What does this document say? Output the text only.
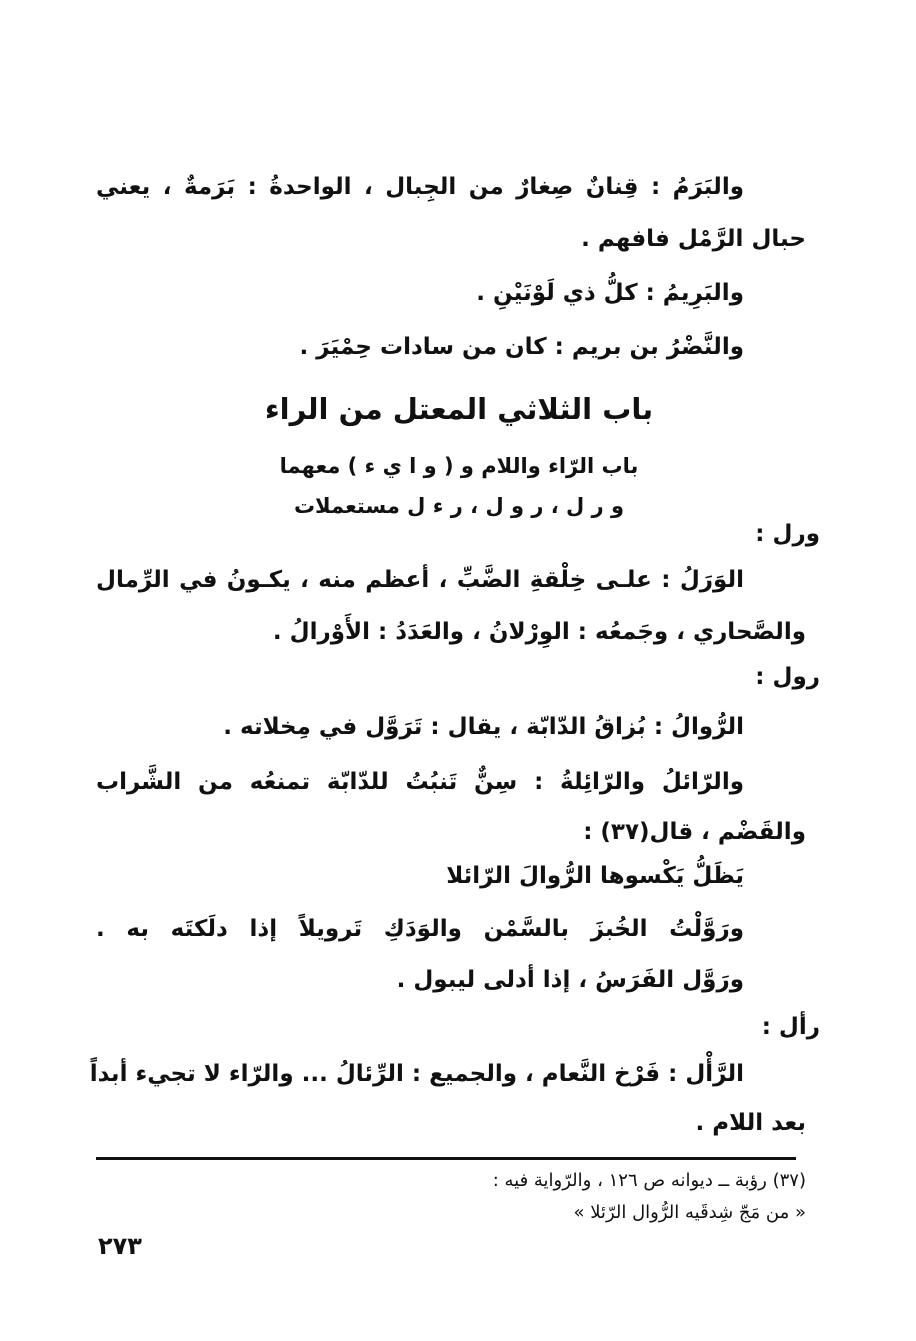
والبَرَمُ : قِنانٌ صِغارٌ من الجِبال ، الواحدةُ : بَرَمةٌ ، يعني
حبال الرَّمْل فافهم .
والبَرِيمُ : كلُّ ذي لَوْنَيْنِ .
والنَّضْرُ بن بريم : كان من سادات حِمْيَرَ .
باب الثلاثي المعتل من الراء
باب الرّاء واللام و ( و ا ي ء ) معهما
و ر ل ، ر و ل ، ر ء ل مستعملات
ورل :
الوَرَلُ : علـى خِلْقةِ الضَّبِّ ، أعظم منه ، يكـونُ في الرِّمال
والصَّحاري ، وجَمعُه : الوِرْلانُ ، والعَدَدُ : الأَوْرالُ .
رول :
الرُّوالُ : بُزاقُ الدّابّة ، يقال : تَرَوَّل في مِخلاته .
والرّائلُ والرّائِلةُ : سِنٌّ تَنبُتُ للدّابّة تمنعُه من الشَّراب
والقَضْم ، قال(٣٧) :
يَظَلُّ يَكْسوها الرُّوالَ الرّائلا
ورَوَّلْتُ الخُبزَ بالسَّمْن والوَدَكِ تَرويلاً إذا دلَكتَه به .
ورَوَّل الفَرَسُ ، إذا أدلى ليبول .
رأل :
الرَّأْل : فَرْخ النَّعام ، والجميع : الرِّئالُ ... والرّاء لا تجيء أبداً
بعد اللام .
(٣٧) رؤبة ــ ديوانه ص ١٢٦ ، والرّواية فيه :
« من مَجّ شِدقَيه الرُّوال الرّئلا »
٢٧٣
